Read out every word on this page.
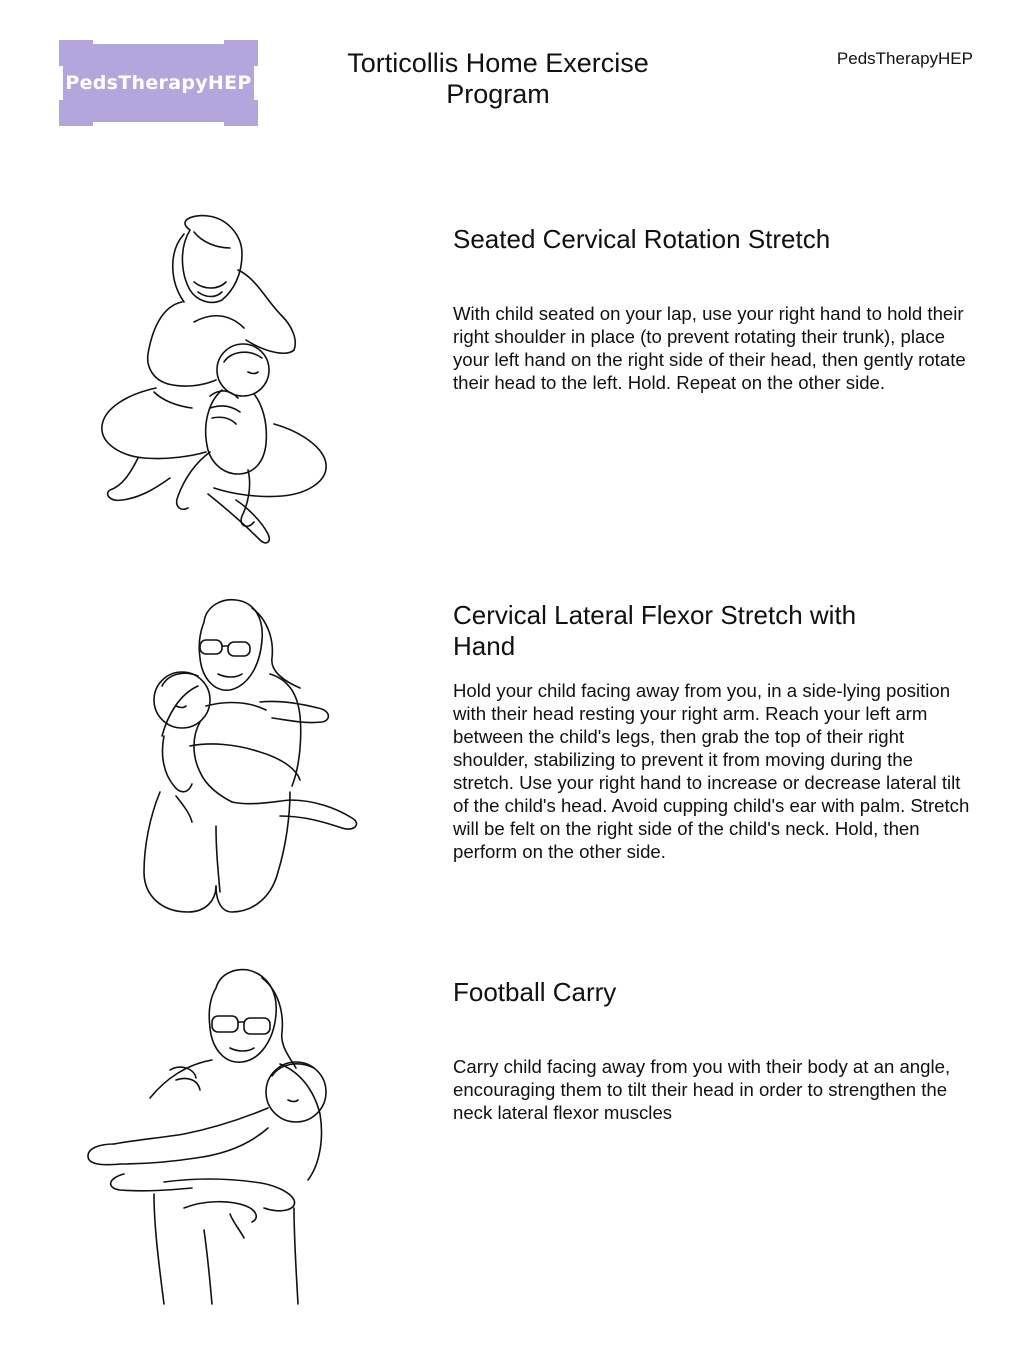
PedsTherapyHEP
Torticollis Home Exercise Program
PedsTherapyHEP
Seated Cervical Rotation Stretch

With child seated on your lap, use your right hand to hold their right shoulder in place (to prevent rotating their trunk), place your left hand on the right side of their head, then gently rotate their head to the left. Hold. Repeat on the other side.

Cervical Lateral Flexor Stretch with Hand

Hold your child facing away from you, in a side-lying position with their head resting your right arm. Reach your left arm between the child's legs, then grab the top of their right shoulder, stabilizing to prevent it from moving during the stretch. Use your right hand to increase or decrease lateral tilt of the child's head. Avoid cupping child's ear with palm. Stretch will be felt on the right side of the child's neck. Hold, then perform on the other side.

Football Carry

Carry child facing away from you with their body at an angle, encouraging them to tilt their head in order to strengthen the neck lateral flexor muscles
